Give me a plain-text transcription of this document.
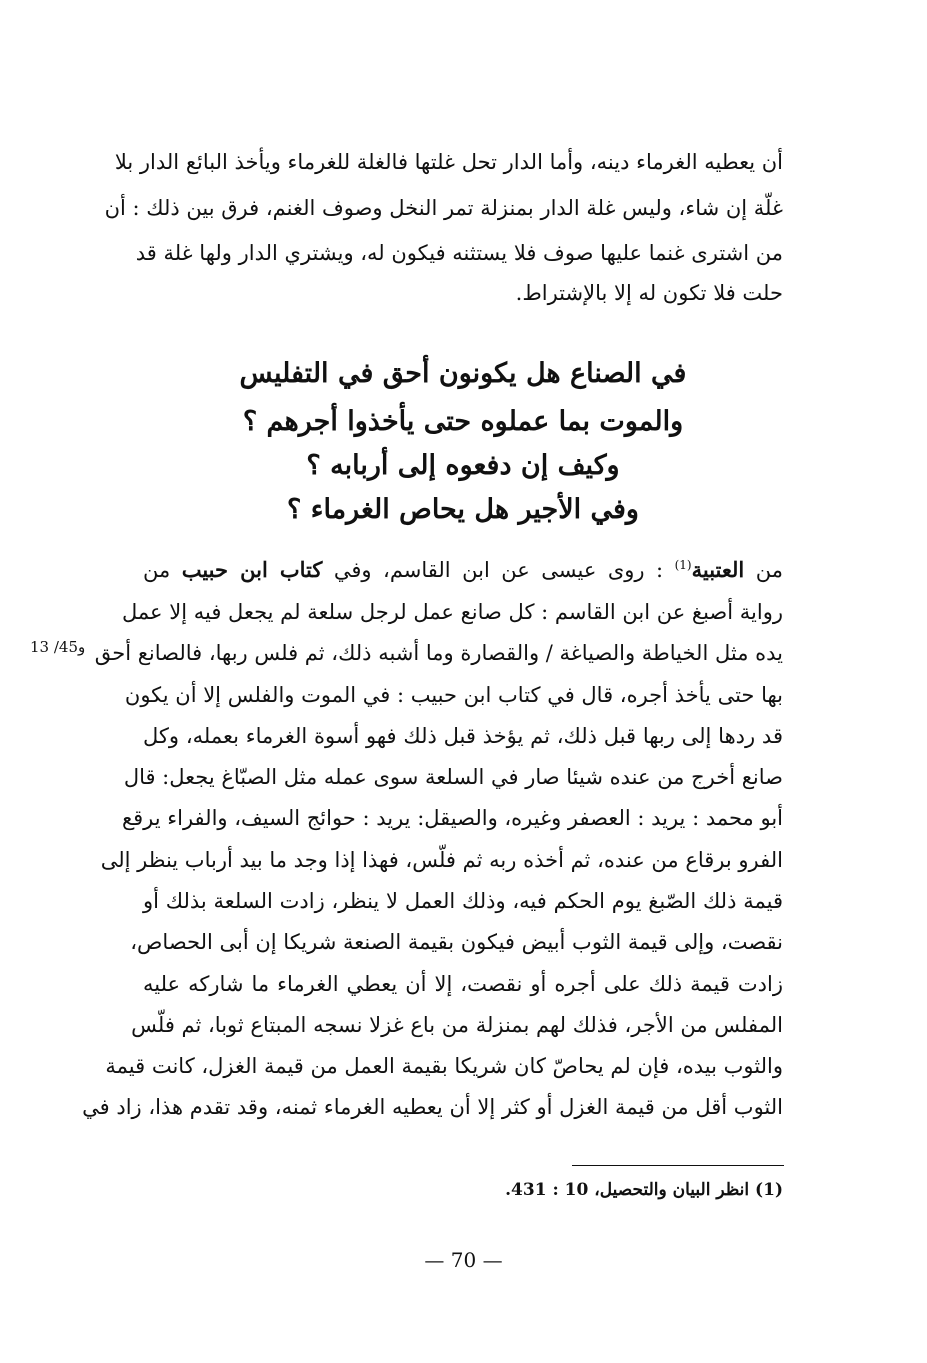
أن يعطيه الغرماء دينه، وأما الدار تحل غلتها فالغلة للغرماء ويأخذ البائع الدار بلا
غلّة إن شاء، وليس غلة الدار بمنزلة تمر النخل وصوف الغنم، فرق بين ذلك : أن
من اشترى غنما عليها صوف فلا يستثنه فيكون له، ويشتري الدار ولها غلة قد
حلت فلا تكون له إلا بالإشتراط.
في الصناع هل يكونون أحق في التفليس
والموت بما عملوه حتى يأخذوا أجرهم ؟
وكيف إن دفعوه إلى أربابه ؟
وفي الأجير هل يحاص الغرماء ؟
من العتبية$^{(1)}$ : روى عيسى عن ابن القاسم، وفي كتاب ابن حبيب من
رواية أصبغ عن ابن القاسم : كل صانع عمل لرجل سلعة لم يجعل فيه إلا عمل
يده مثل الخياطة والصياغة / والقصارة وما أشبه ذلك، ثم فلس ربها، فالصانع أحق
بها حتى يأخذ أجره، قال في كتاب ابن حبيب : في الموت والفلس إلا أن يكون
قد ردها إلى ربها قبل ذلك، ثم يؤخذ قبل ذلك فهو أسوة الغرماء بعمله، وكل
صانع أخرج من عنده شيئا صار في السلعة سوى عمله مثل الصبّاغ يجعل: قال
أبو محمد : يريد : العصفر وغيره، والصيقل: يريد : حوائج السيف، والفراء يرقع
الفرو برقاع من عنده، ثم أخذه ربه ثم فلّس، فهذا إذا وجد ما بيد أرباب ينظر إلى
قيمة ذلك الصّبغ يوم الحكم فيه، وذلك العمل لا ينظر، زادت السلعة بذلك أو
نقصت، وإلى قيمة الثوب أبيض فيكون بقيمة الصنعة شريكا إن أبى الحصاص،
زادت قيمة ذلك على أجره أو نقصت، إلا أن يعطي الغرماء ما شاركه عليه
المفلس من الأجر، فذلك لهم بمنزلة من باع غزلا نسجه المبتاع ثوبا، ثم فلّس
والثوب بيده، فإن لم يحاصّ كان شريكا بقيمة العمل من قيمة الغزل، كانت قيمة
الثوب أقل من قيمة الغزل أو كثر إلا أن يعطيه الغرماء ثمنه، وقد تقدم هذا، زاد في
13 /45و
(1) انظر البيان والتحصيل، 10 : 431.
— 70 —
